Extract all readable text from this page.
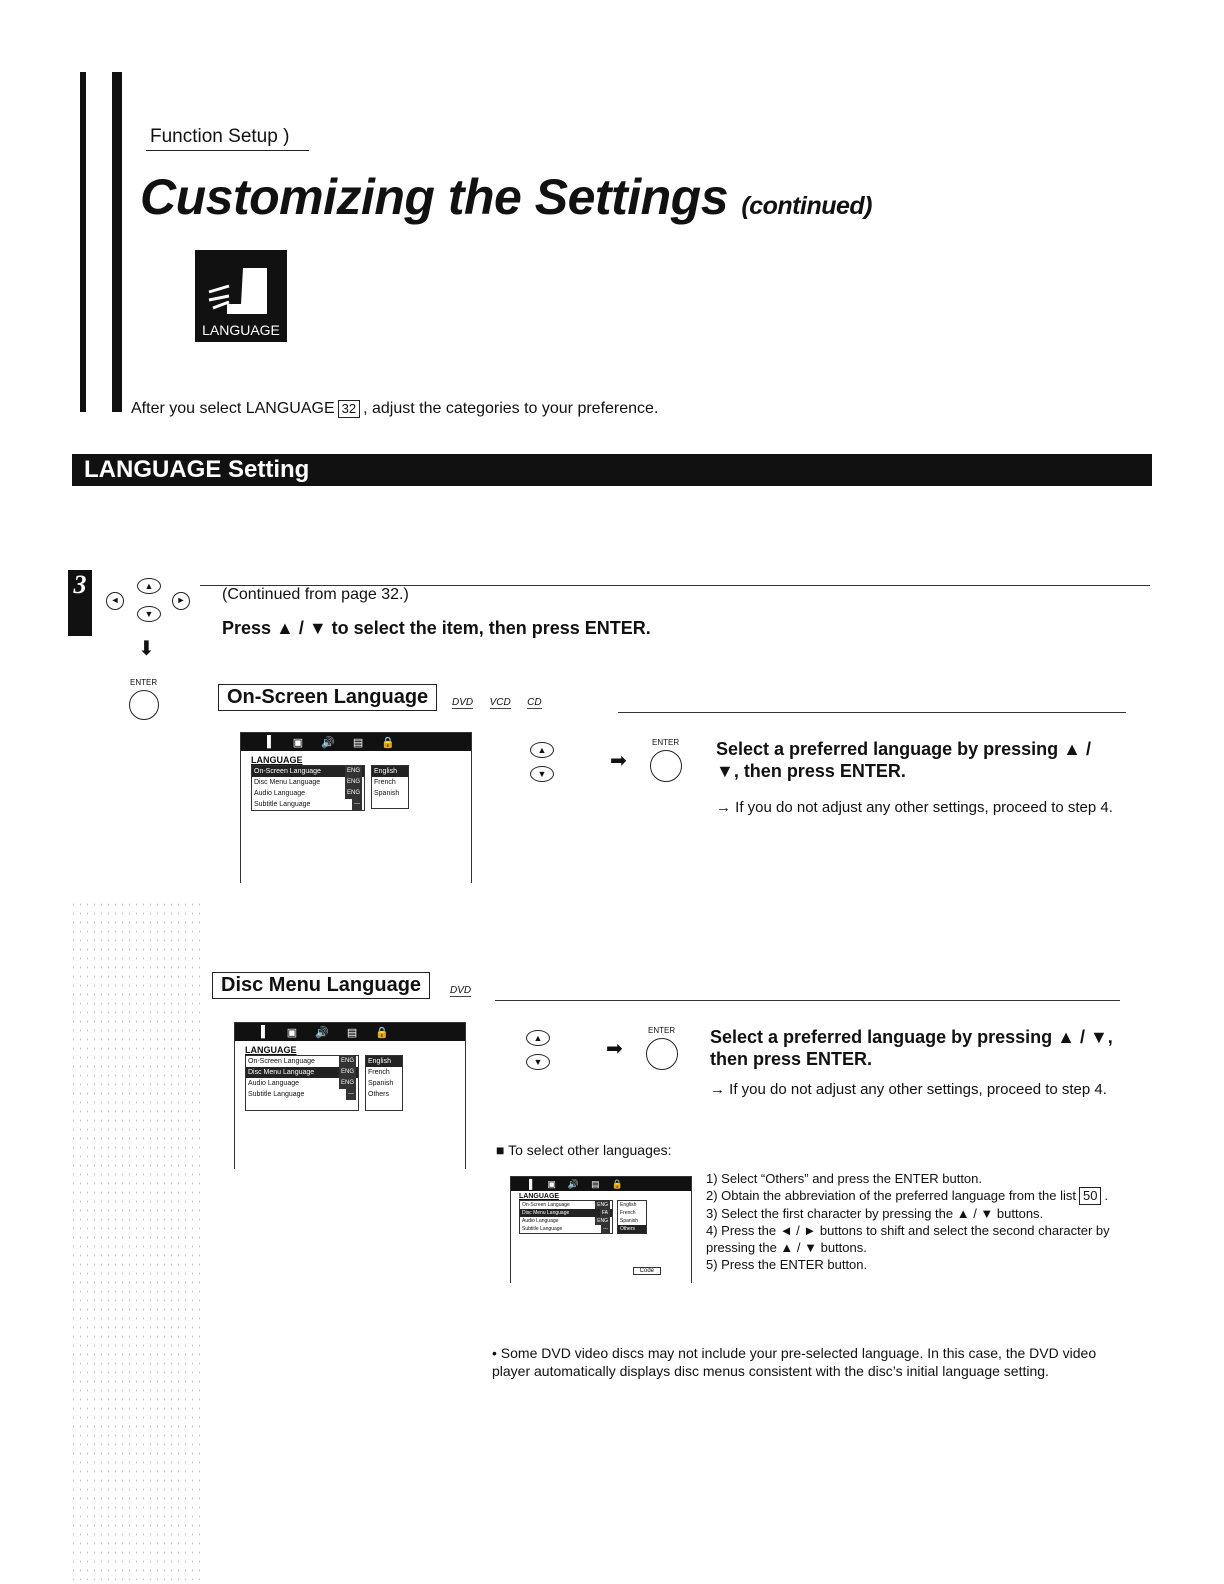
Function Setup )
Customizing the Settings (continued)
LANGUAGE
After you select LANGUAGE 32 , adjust the categories to your preference.
LANGUAGE Setting
3	▲
▼
◄	►
⬇
ENTER
(Continued from page 32.)
Press ▲ / ▼ to select the item, then press ENTER.
On-Screen Language	DVD VCD CD
▌ ▣ 🔊 ▤ 🔒
LANGUAGE
On-Screen Language	ENG
Disc Menu Language	ENG
Audio Language	ENG
Subtitle Language	---
English
French
Spanish
▲
▼
➡
ENTER Select a preferred language by pressing ▲ / ▼, then press ENTER.
→ If you do not adjust any other settings, proceed to step 4.
Disc Menu Language	DVD
▌ ▣ 🔊 ▤ 🔒
LANGUAGE
On-Screen Language	ENG
Disc Menu Language	ENG
Audio Language	ENG
Subtitle Language	---
English
French
Spanish
Others
▲
▼
➡
ENTER Select a preferred language by pressing ▲ / ▼, then press ENTER.
→ If you do not adjust any other settings, proceed to step 4.
■ To select other languages:
▌ ▣ 🔊 ▤ 🔒
LANGUAGE
On-Screen Language	ENG
Disc Menu Language	FA
Audio Language	ENG
Subtitle Language	---
English
French
Spanish
Others
Code
1) Select “Others” and press the ENTER button.
2) Obtain the abbreviation of the preferred language from the list 50 .
3) Select the first character by pressing the ▲ / ▼ buttons.
4) Press the ◄ / ► buttons to shift and select the second character by pressing the ▲ / ▼ buttons.
5) Press the ENTER button.
• Some DVD video discs may not include your pre-selected language. In this case, the DVD video player automatically displays disc menus consistent with the disc’s initial language setting.
